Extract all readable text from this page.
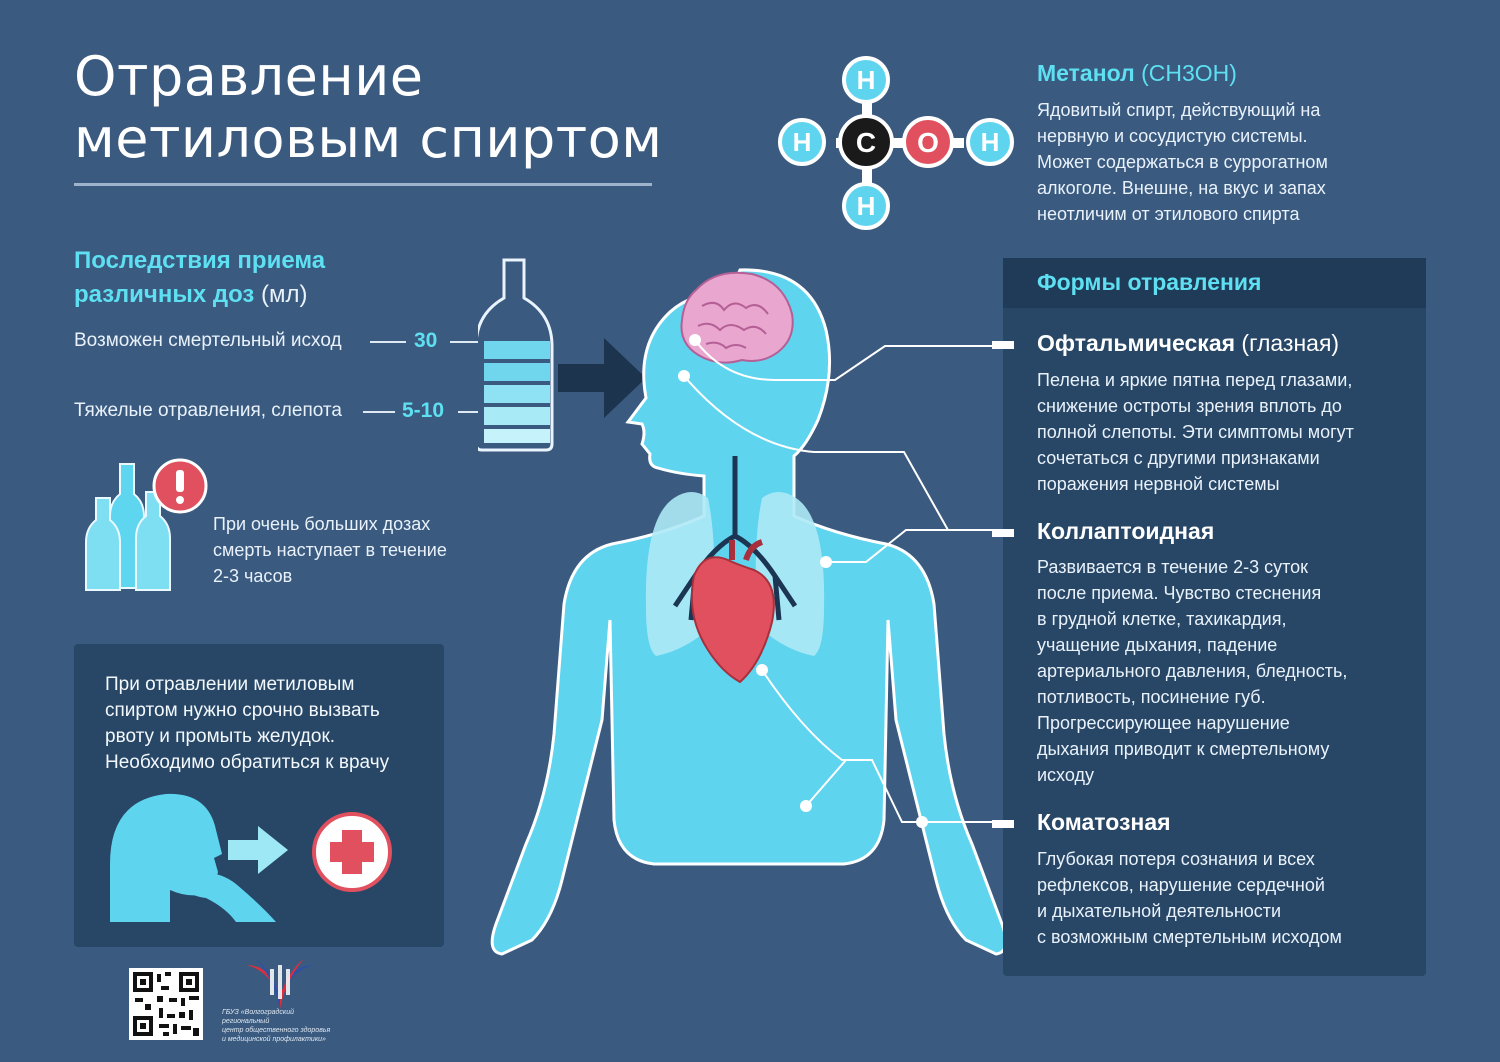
Отравление
метиловым спиртом
Последствия приема
различных доз (мл)
Возможен смертельный исход	30
Тяжелые отравления, слепота	5-10
При очень больших дозах
смерть наступает в течение
2-3 часов
При отравлении метиловым
спиртом нужно срочно вызвать
рвоту и промыть желудок.
Необходимо обратиться к врачу
ГБУЗ «Волгоградский региональный
центр общественного здоровья
и медицинской профилактики»
H
H C O H
H
Метанол (CH3OH)
Ядовитый спирт, действующий на
нервную и сосудистую системы.
Может содержаться в суррогатном
алкоголе. Внешне, на вкус и запах
неотличим от этилового спирта
Формы отравления
Офтальмическая (глазная)
Пелена и яркие пятна перед глазами,
снижение остроты зрения вплоть до
полной слепоты. Эти симптомы могут
сочетаться с другими признаками
поражения нервной системы
Коллаптоидная
Развивается в течение 2-3 суток
после приема. Чувство стеснения
в грудной клетке, тахикардия,
учащение дыхания, падение
артериального давления, бледность,
потливость, посинение губ.
Прогрессирующее нарушение
дыхания приводит к смертельному
исходу
Коматозная
Глубокая потеря сознания и всех
рефлексов, нарушение сердечной
и дыхательной деятельности
с возможным смертельным исходом
